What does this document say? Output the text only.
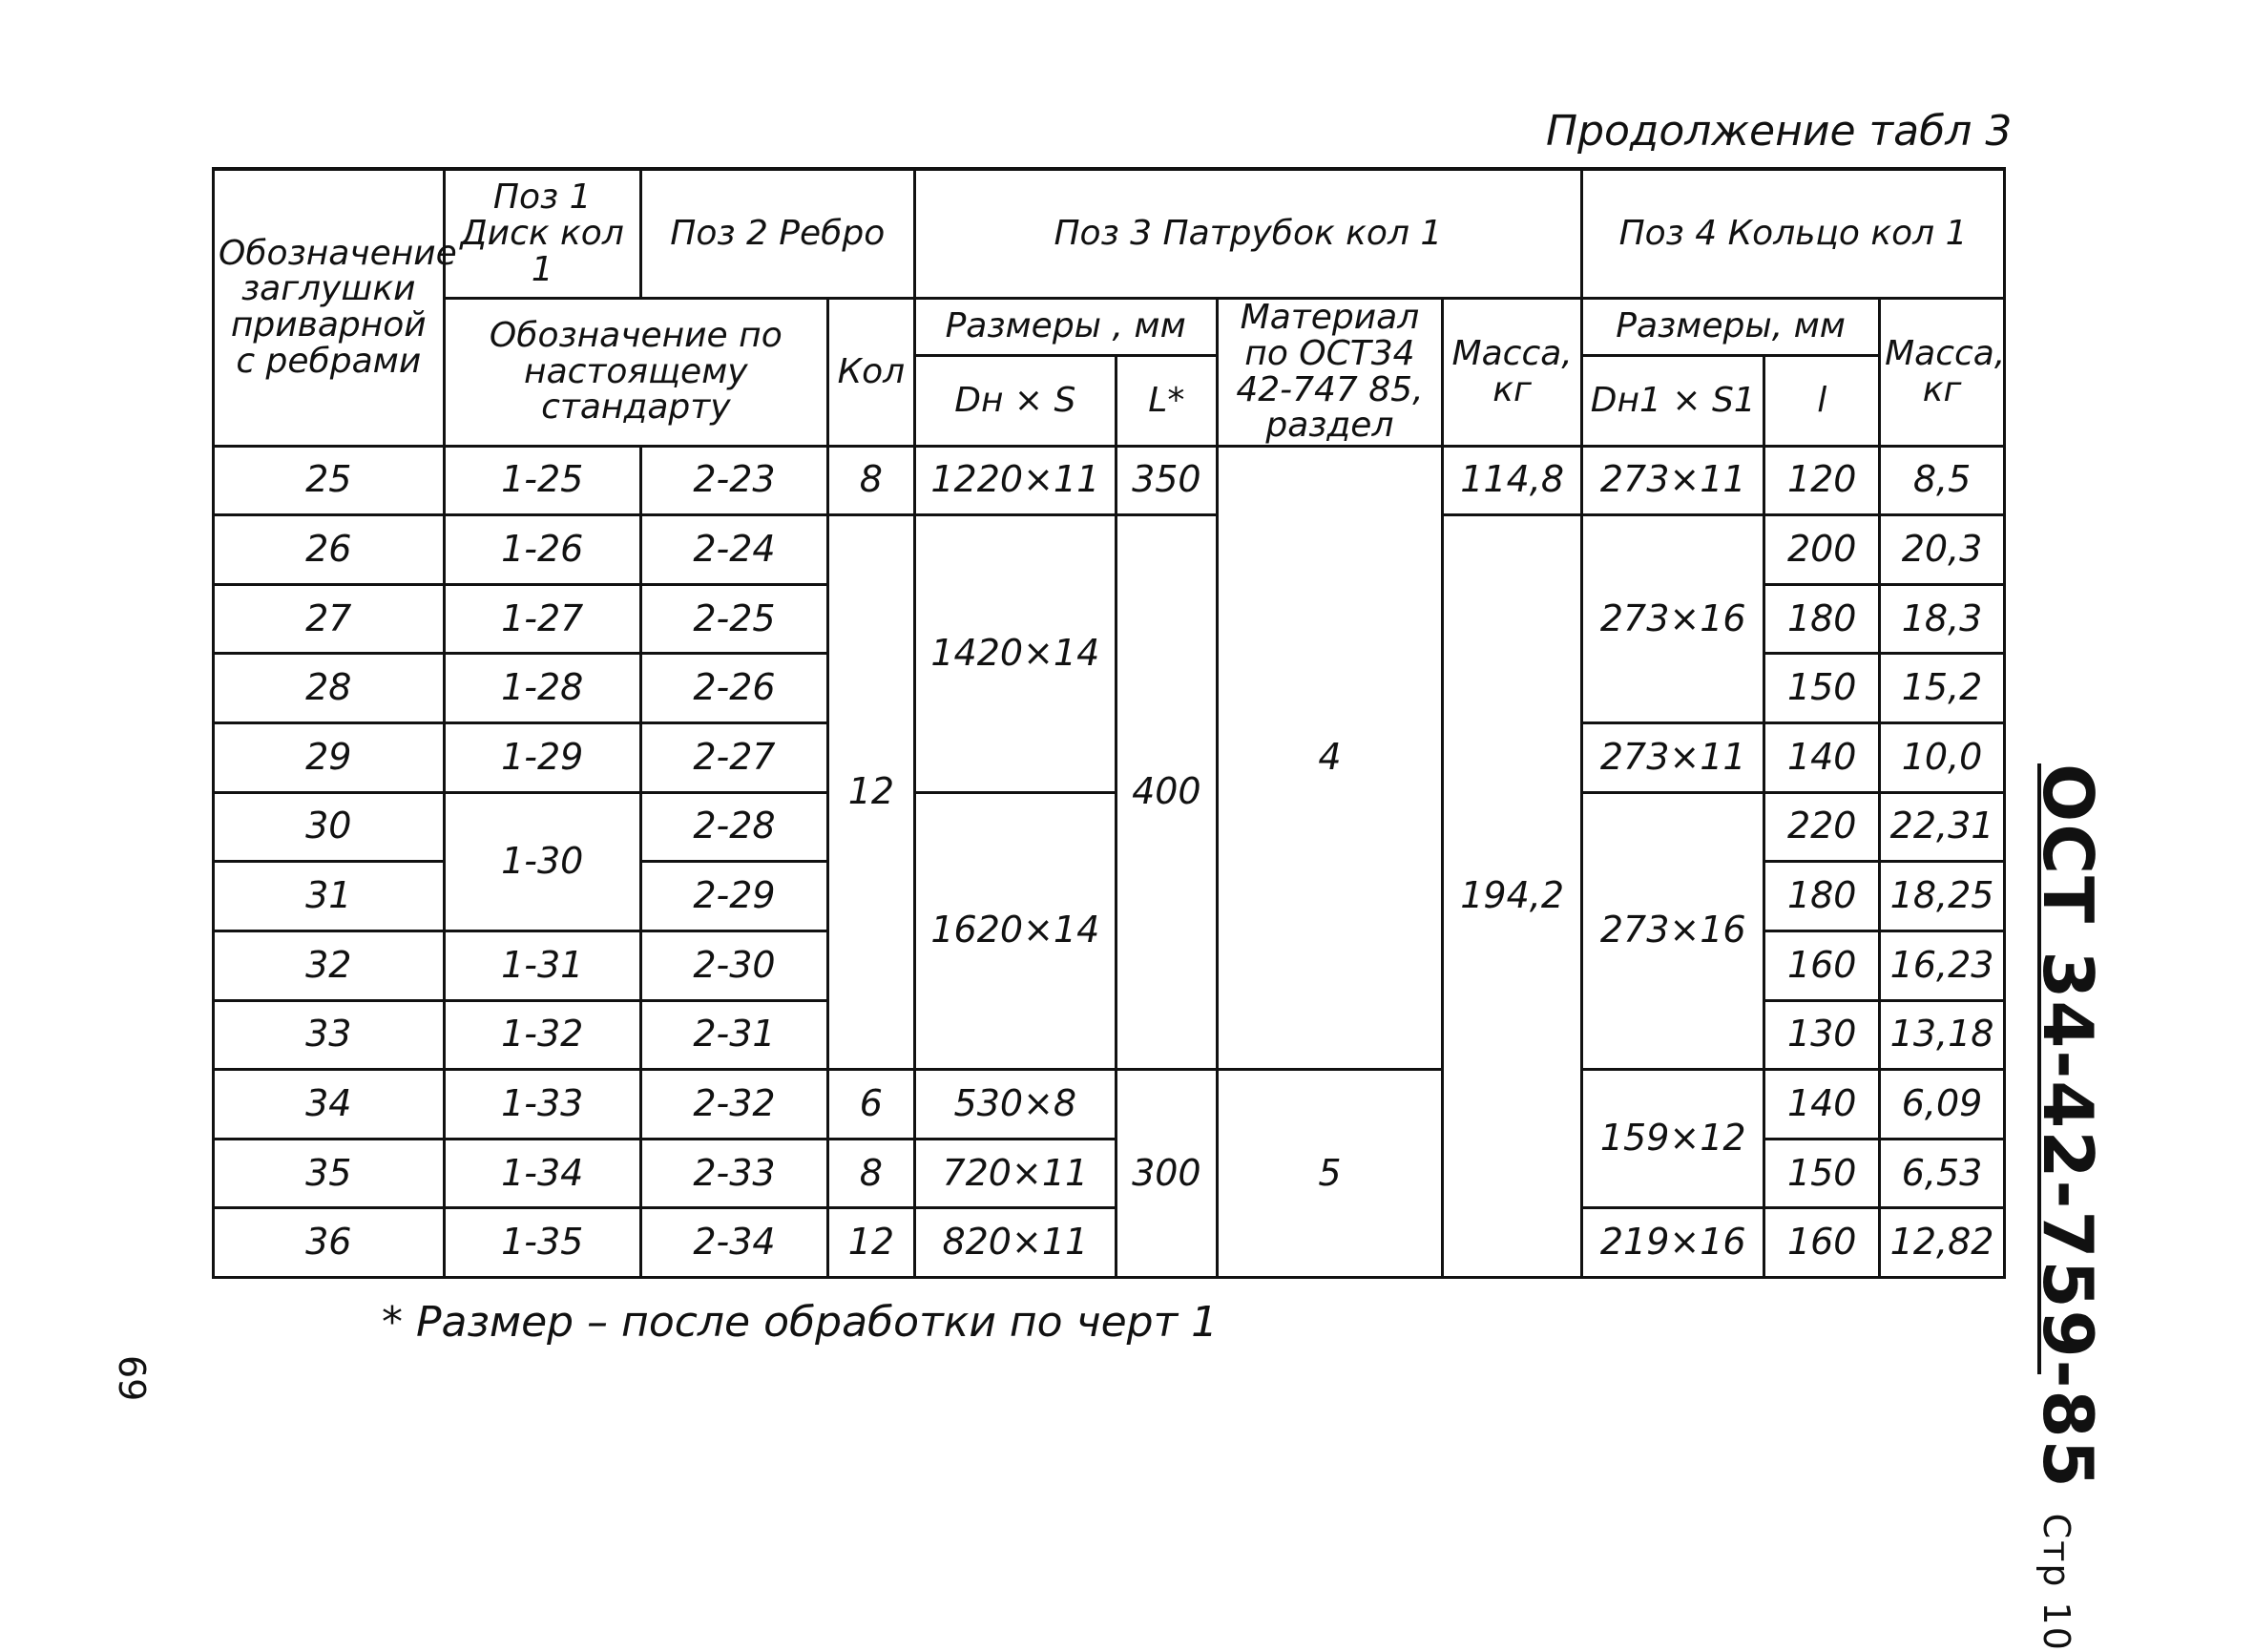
Продолжение табл 3
Обозначение заглушки приварной с ребрами	Поз 1 Диск кол 1	Поз 2 Ребро		Поз 3 Патрубок кол 1				Поз 4 Кольцо кол 1		
	Обозначение по настоящему стандарту		Кол	Размеры , мм		Материал по ОСТ34 42-747 85, раздел	Масса, кг	Размеры, мм		Масса, кг
				Dн × S	L*			Dн1 × S1	l	
25	1-25	2-23	8	1220×11	350	4	114,8	273×11	120	8,5
26	1-26	2-24	12	1420×14	400		194,2	273×16	200	20,3
27	1-27	2-25							180	18,3
28	1-28	2-26							150	15,2
29	1-29	2-27						273×11	140	10,0
30	1-30	2-28		1620×14				273×16	220	22,31
31		2-29							180	18,25
32	1-31	2-30							160	16,23
33	1-32	2-31							130	13,18
34	1-33	2-32	6	530×8	300	5		159×12	140	6,09
35	1-34	2-33	8	720×11					150	6,53
36	1-35	2-34	12	820×11				219×16	160	12,82
* Размер – после обработки по черт 1
69	ОСТ 34-42-759-85 Стр 10
